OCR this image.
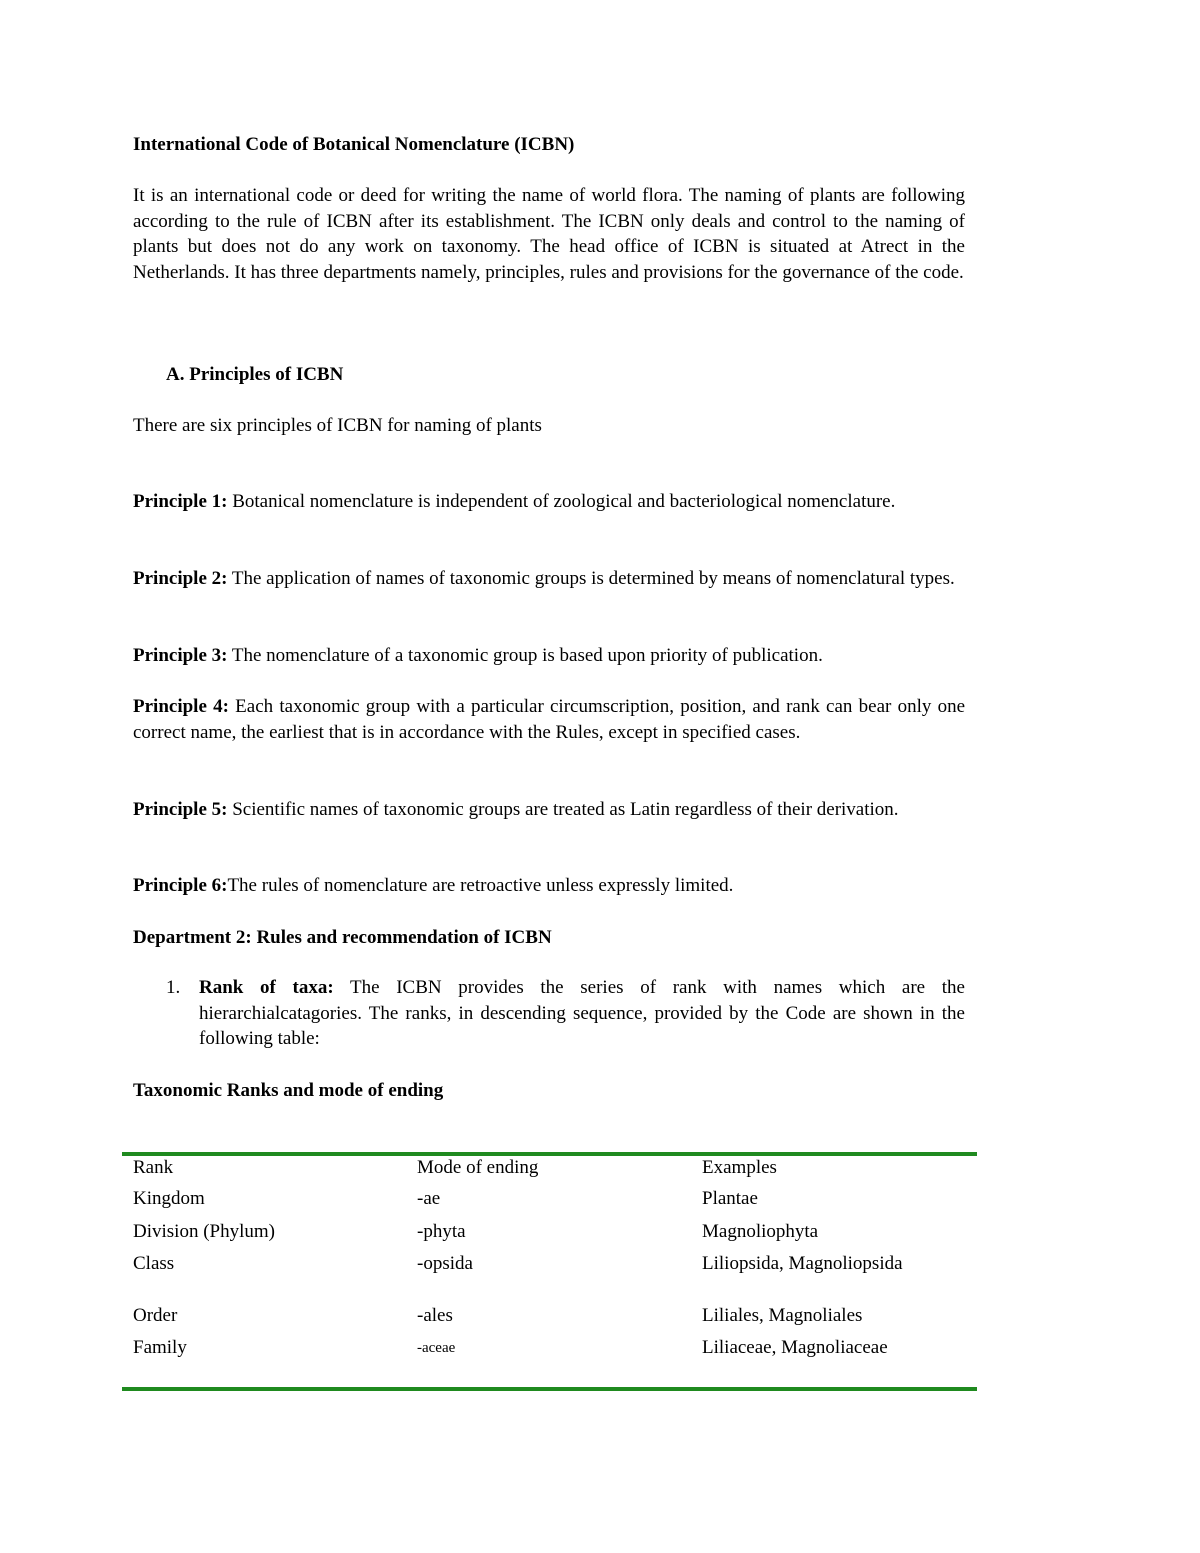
International Code of Botanical Nomenclature (ICBN)
It is an international code or deed for writing the name of world flora. The naming of plants are following according to the rule of ICBN after its establishment. The ICBN only deals and control to the naming of plants but does not do any work on taxonomy. The head office of ICBN is situated at Atrect in the Netherlands. It has three departments namely, principles, rules and provisions for the governance of the code.
A. Principles of ICBN
There are six principles of ICBN for naming of plants
Principle 1: Botanical nomenclature is independent of zoological and bacteriological nomenclature.
Principle 2: The application of names of taxonomic groups is determined by means of nomenclatural types.
Principle 3: The nomenclature of a taxonomic group is based upon priority of publication.
Principle 4: Each taxonomic group with a particular circumscription, position, and rank can bear only one correct name, the earliest that is in accordance with the Rules, except in specified cases.
Principle 5: Scientific names of taxonomic groups are treated as Latin regardless of their derivation.
Principle 6:The rules of nomenclature are retroactive unless expressly limited.
Department 2: Rules and recommendation of ICBN
1. Rank of taxa: The ICBN provides the series of rank with names which are the hierarchialcatagories. The ranks, in descending sequence, provided by the Code are shown in the following table:
Taxonomic Ranks and mode of ending
Rank	Mode of ending	Examples
Kingdom	-ae	Plantae
Division (Phylum)	-phyta	Magnoliophyta
Class	-opsida	Liliopsida, Magnoliopsida
Order	-ales	Liliales, Magnoliales
Family	-aceae	Liliaceae, Magnoliaceae
